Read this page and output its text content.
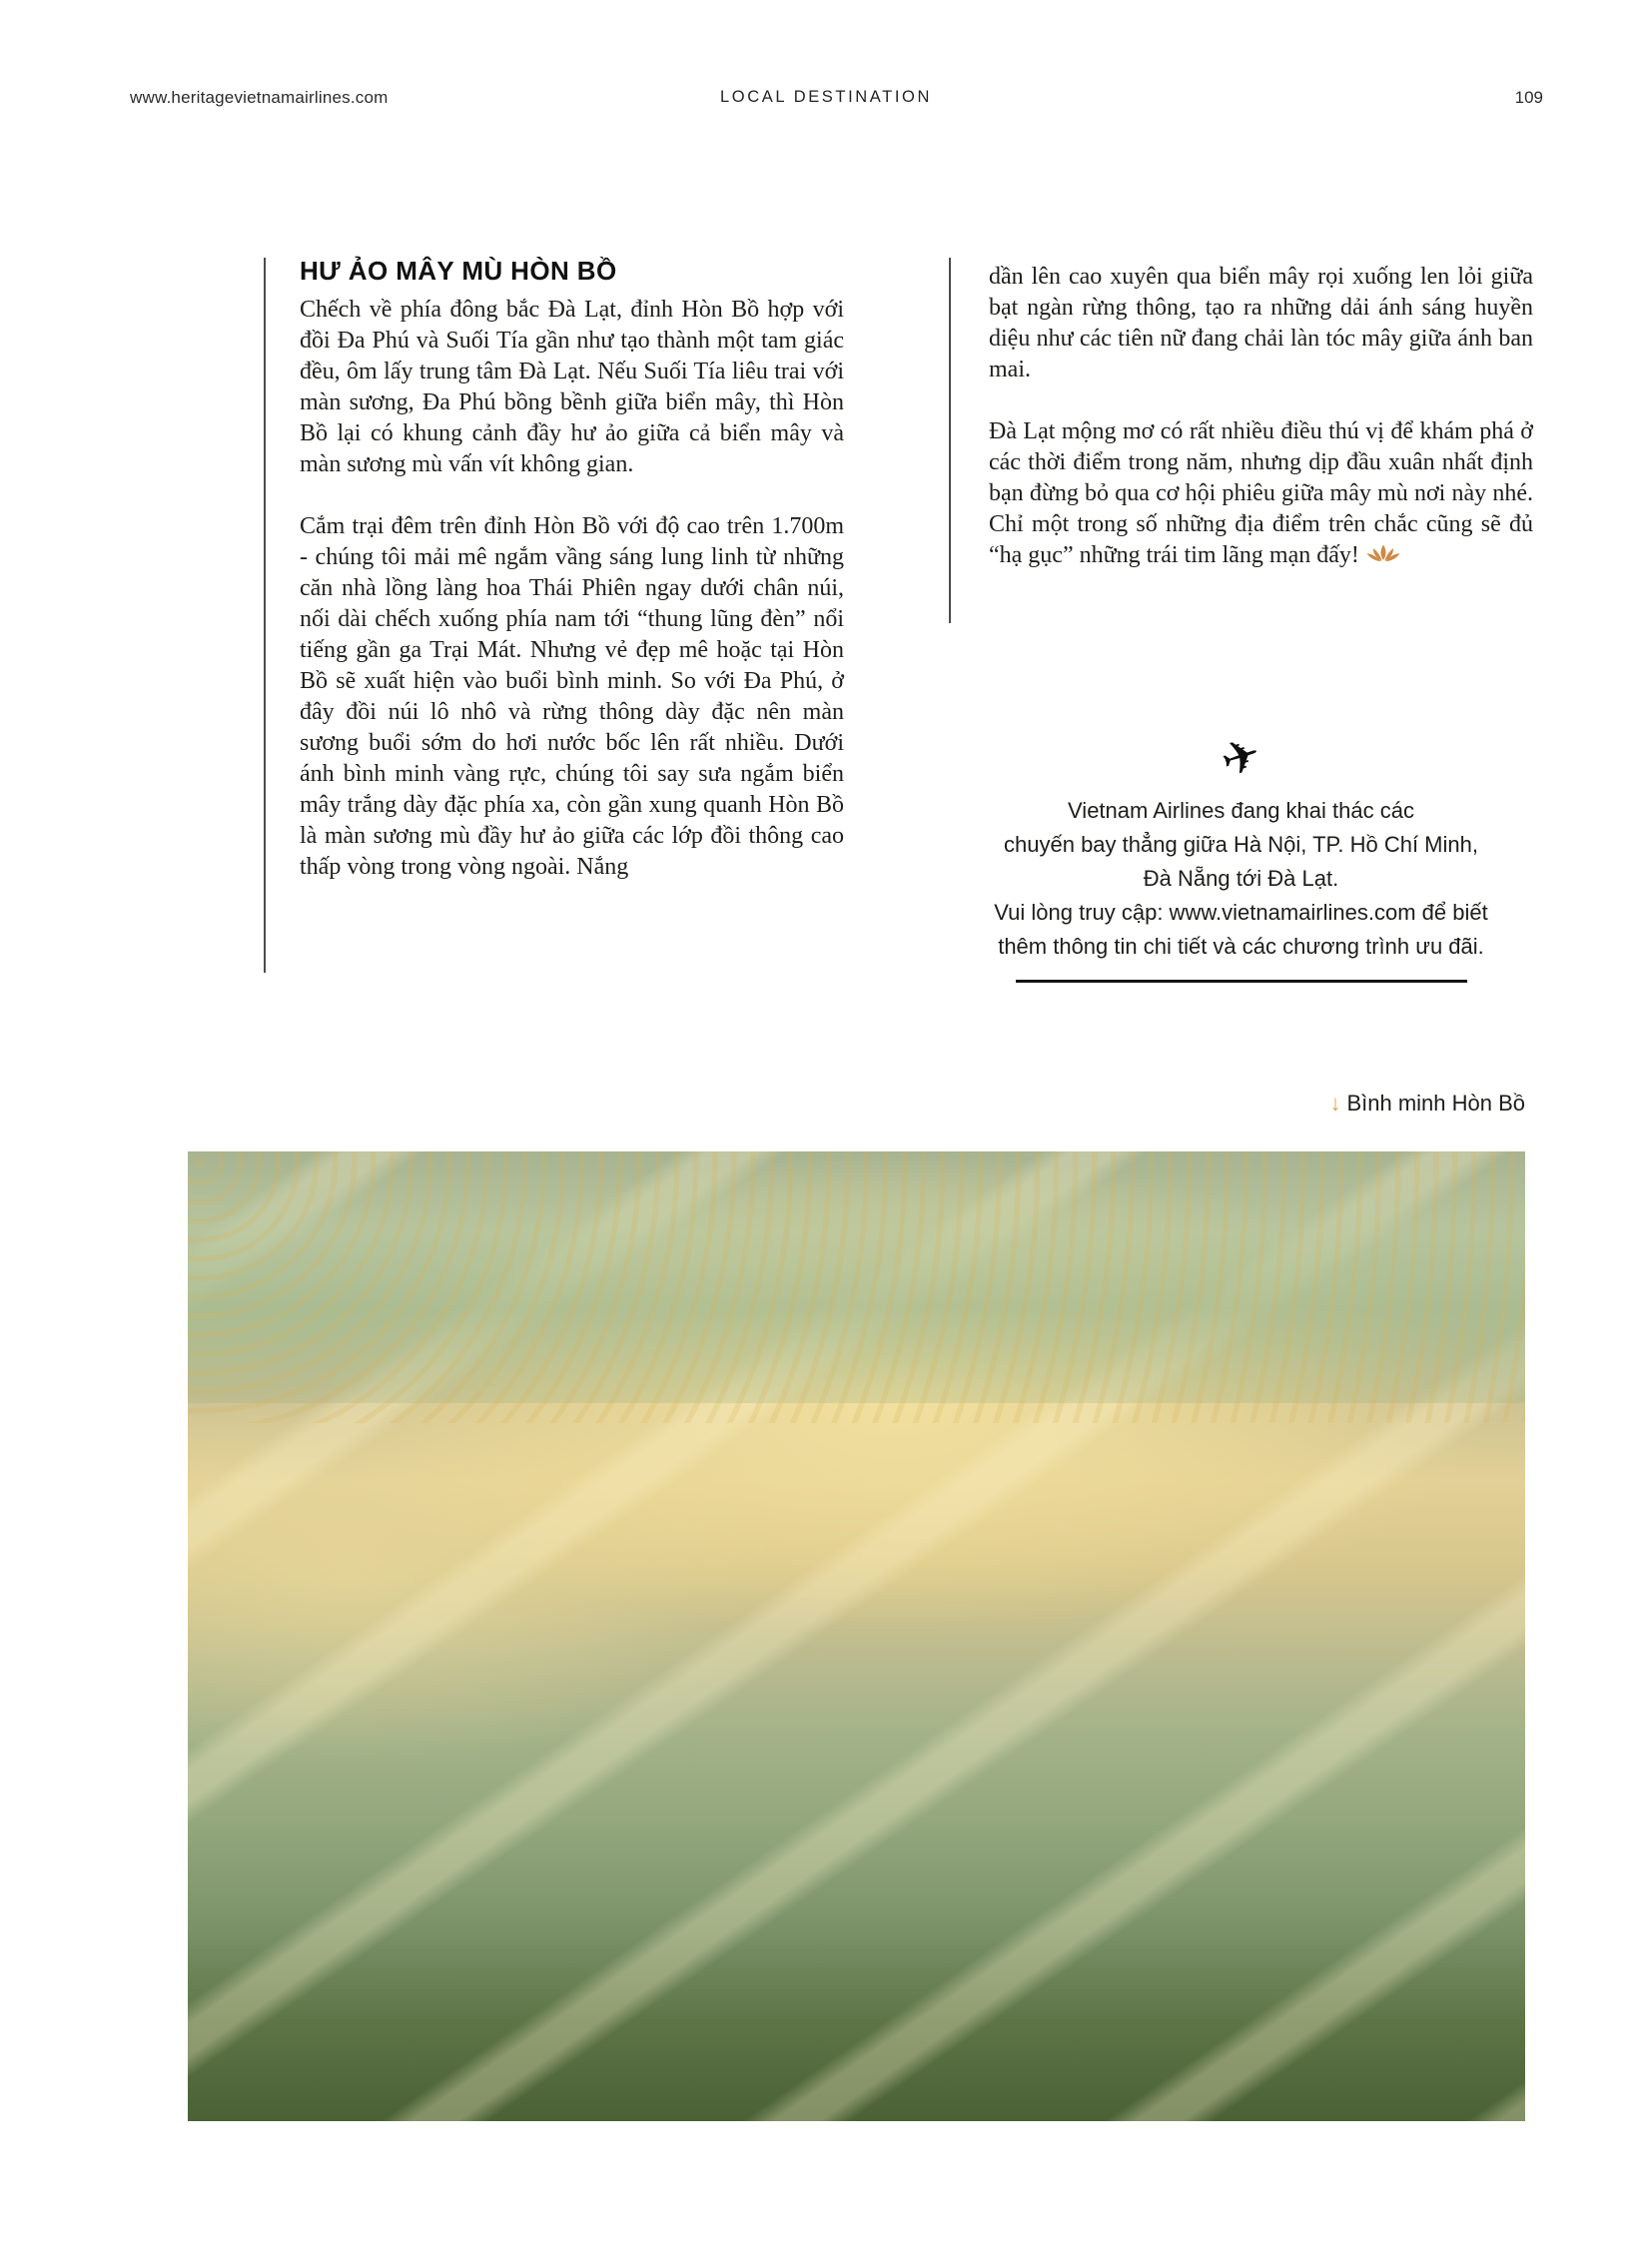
www.heritagevietnamairlines.com	LOCAL DESTINATION	109
HƯ ẢO MÂY MÙ HÒN BỒ

Chếch về phía đông bắc Đà Lạt, đỉnh Hòn Bồ hợp với đồi Đa Phú và Suối Tía gần như tạo thành một tam giác đều, ôm lấy trung tâm Đà Lạt. Nếu Suối Tía liêu trai với màn sương, Đa Phú bồng bềnh giữa biển mây, thì Hòn Bồ lại có khung cảnh đầy hư ảo giữa cả biển mây và màn sương mù vấn vít không gian.

Cắm trại đêm trên đỉnh Hòn Bồ với độ cao trên 1.700m - chúng tôi mải mê ngắm vầng sáng lung linh từ những căn nhà lồng làng hoa Thái Phiên ngay dưới chân núi, nối dài chếch xuống phía nam tới “thung lũng đèn” nổi tiếng gần ga Trại Mát. Nhưng vẻ đẹp mê hoặc tại Hòn Bồ sẽ xuất hiện vào buổi bình minh. So với Đa Phú, ở đây đồi núi lô nhô và rừng thông dày đặc nên màn sương buổi sớm do hơi nước bốc lên rất nhiều. Dưới ánh bình minh vàng rực, chúng tôi say sưa ngắm biển mây trắng dày đặc phía xa, còn gần xung quanh Hòn Bồ là màn sương mù đầy hư ảo giữa các lớp đồi thông cao thấp vòng trong vòng ngoài. Nắng

dần lên cao xuyên qua biển mây rọi xuống len lỏi giữa bạt ngàn rừng thông, tạo ra những dải ánh sáng huyền diệu như các tiên nữ đang chải làn tóc mây giữa ánh ban mai.

Đà Lạt mộng mơ có rất nhiều điều thú vị để khám phá ở các thời điểm trong năm, nhưng dịp đầu xuân nhất định bạn đừng bỏ qua cơ hội phiêu giữa mây mù nơi này nhé. Chỉ một trong số những địa điểm trên chắc cũng sẽ đủ “hạ gục” những trái tim lãng mạn đấy!

✈

Vietnam Airlines đang khai thác các

chuyến bay thẳng giữa Hà Nội, TP. Hồ Chí Minh,

Đà Nẵng tới Đà Lạt.

Vui lòng truy cập: www.vietnamairlines.com để biết

thêm thông tin chi tiết và các chương trình ưu đãi.

↓ Bình minh Hòn Bồ
